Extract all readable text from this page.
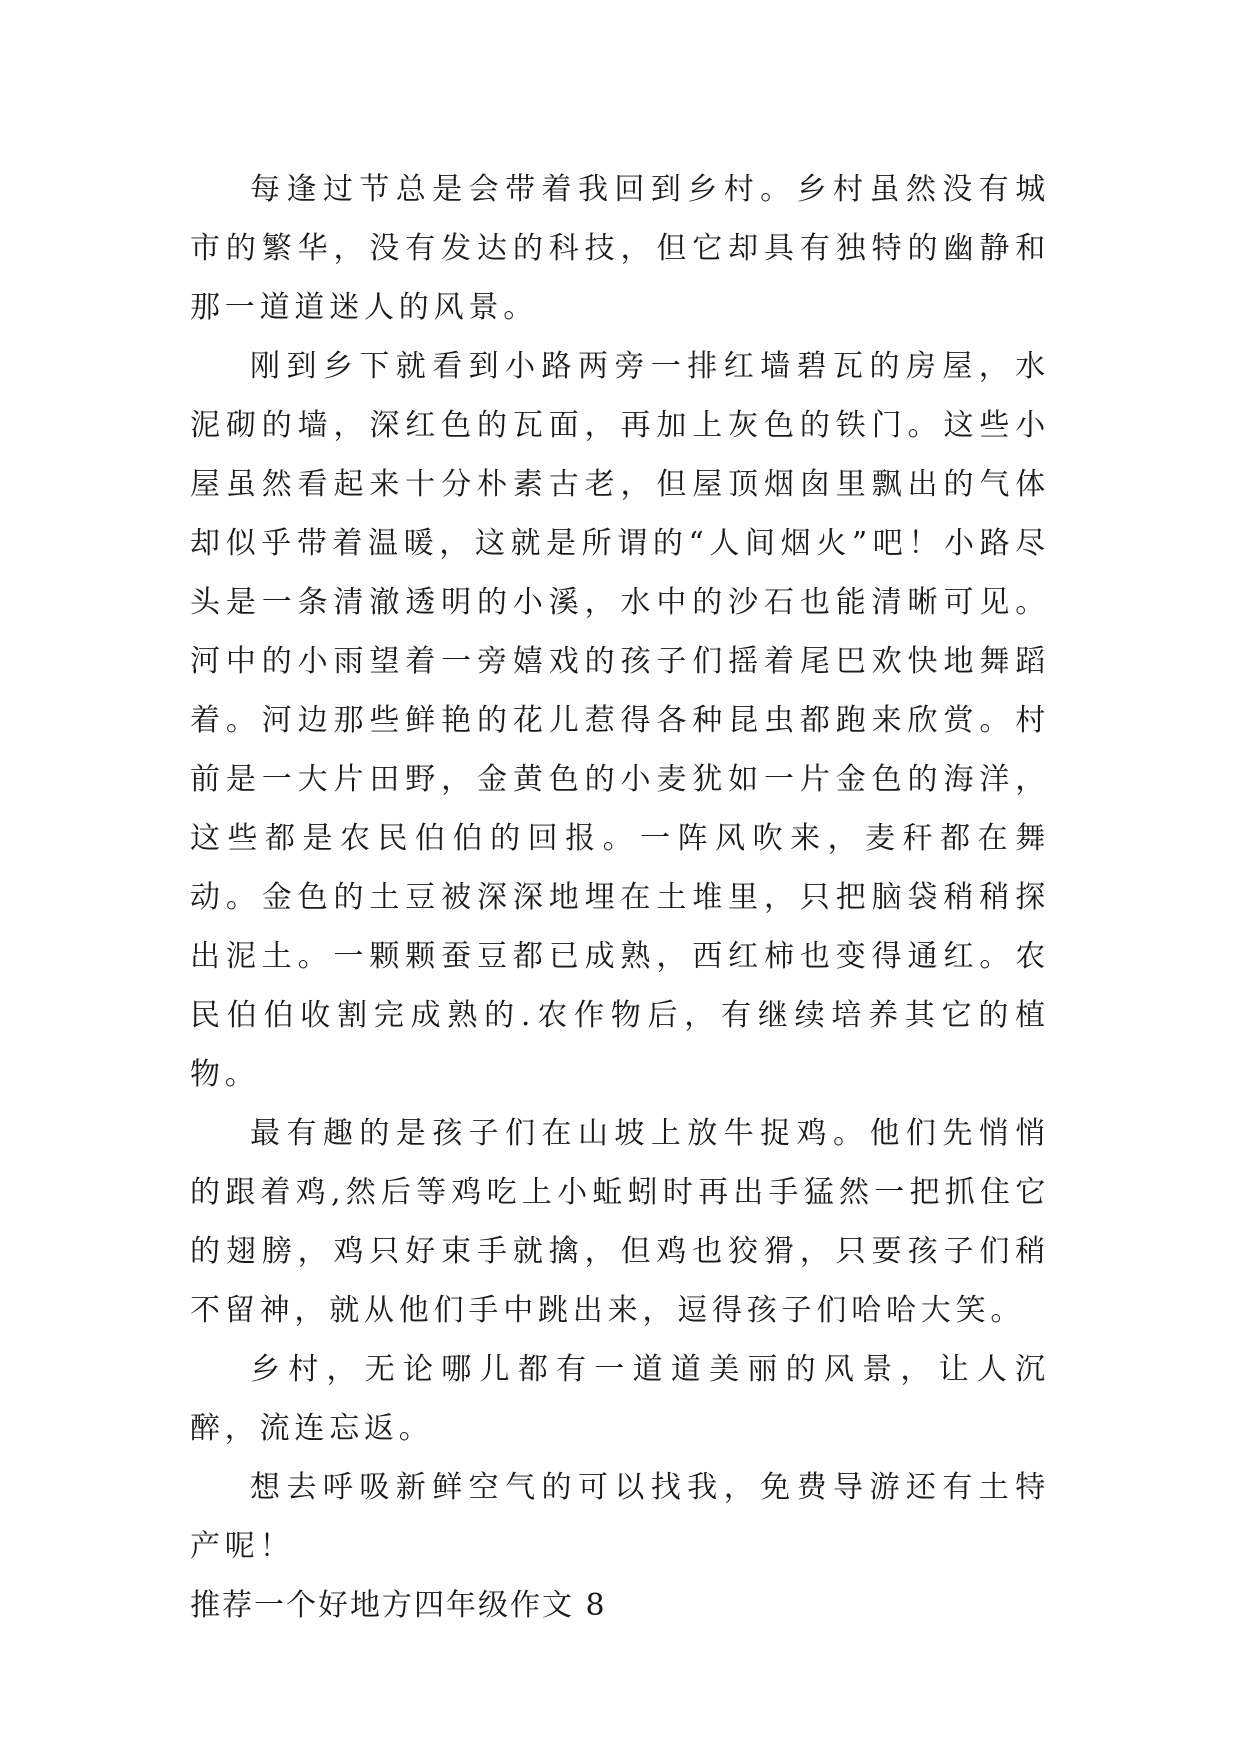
每逢过节总是会带着我回到乡村。乡村虽然没有城市的繁华，没有发达的科技，但它却具有独特的幽静和那一道道迷人的风景。

刚到乡下就看到小路两旁一排红墙碧瓦的房屋，水泥砌的墙，深红色的瓦面，再加上灰色的铁门。这些小屋虽然看起来十分朴素古老，但屋顶烟囱里飘出的气体却似乎带着温暖，这就是所谓的“人间烟火”吧！小路尽头是一条清澈透明的小溪，水中的沙石也能清晰可见。河中的小雨望着一旁嬉戏的孩子们摇着尾巴欢快地舞蹈着。河边那些鲜艳的花儿惹得各种昆虫都跑来欣赏。村前是一大片田野，金黄色的小麦犹如一片金色的海洋，这些都是农民伯伯的回报。一阵风吹来，麦秆都在舞动。金色的土豆被深深地埋在土堆里，只把脑袋稍稍探出泥土。一颗颗蚕豆都已成熟，西红柿也变得通红。农民伯伯收割完成熟的.农作物后，有继续培养其它的植物。

最有趣的是孩子们在山坡上放牛捉鸡。他们先悄悄的跟着鸡,然后等鸡吃上小蚯蚓时再出手猛然一把抓住它的翅膀，鸡只好束手就擒，但鸡也狡猾，只要孩子们稍不留神，就从他们手中跳出来，逗得孩子们哈哈大笑。

乡村，无论哪儿都有一道道美丽的风景，让人沉醉，流连忘返。

想去呼吸新鲜空气的可以找我，免费导游还有土特产呢！

推荐一个好地方四年级作文 8
